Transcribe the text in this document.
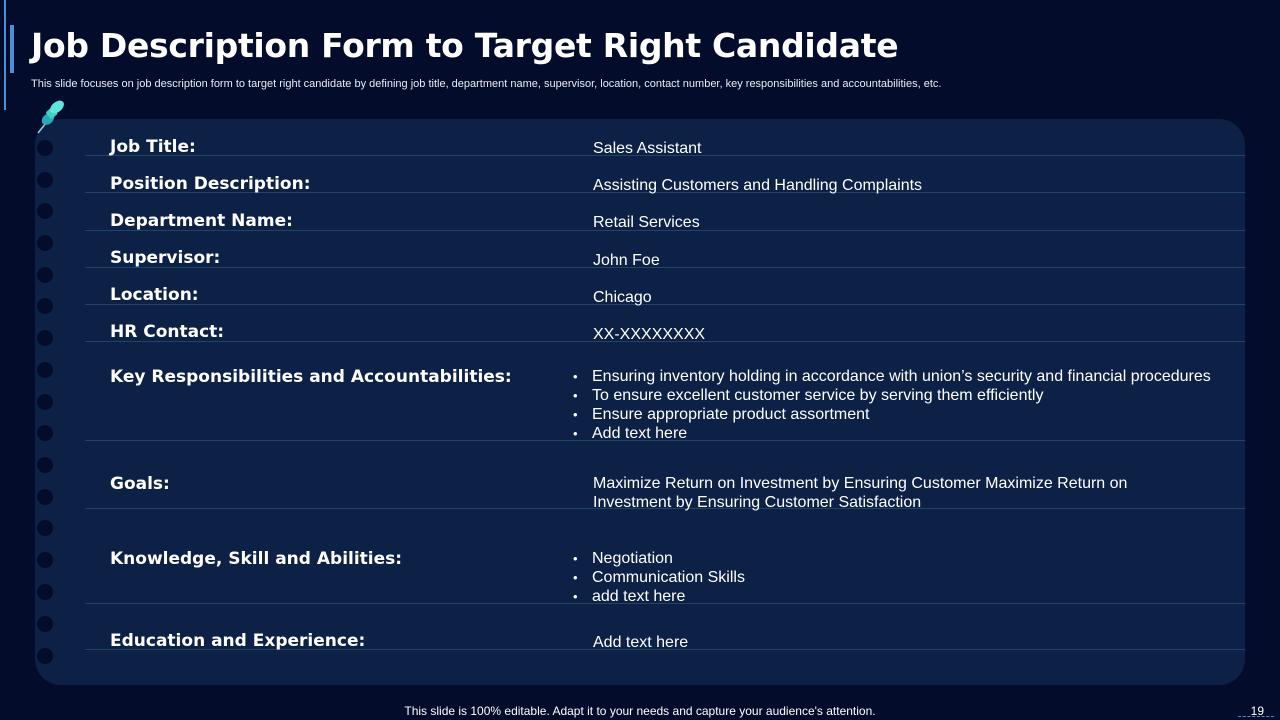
Job Description Form to Target Right Candidate
This slide focuses on job description form to target right candidate by defining job title, department name, supervisor, location, contact number, key responsibilities and accountabilities, etc.
Job Title:
Position Description:
Department Name:
Supervisor:
Location:
HR Contact:
Key Responsibilities and Accountabilities:
Goals:
Knowledge, Skill and Abilities:
Education and Experience:
Sales Assistant
Assisting Customers and Handling Complaints
Retail Services
John Foe
Chicago
XX-XXXXXXXX
• Ensuring inventory holding in accordance with union’s security and financial procedures
• To ensure excellent customer service by serving them efficiently
• Ensure appropriate product assortment
• Add text here
Maximize Return on Investment by Ensuring Customer Maximize Return on Investment by Ensuring Customer Satisfaction
• Negotiation
• Communication Skills
• add text here
Add text here
This slide is 100% editable. Adapt it to your needs and capture your audience's attention.	19
